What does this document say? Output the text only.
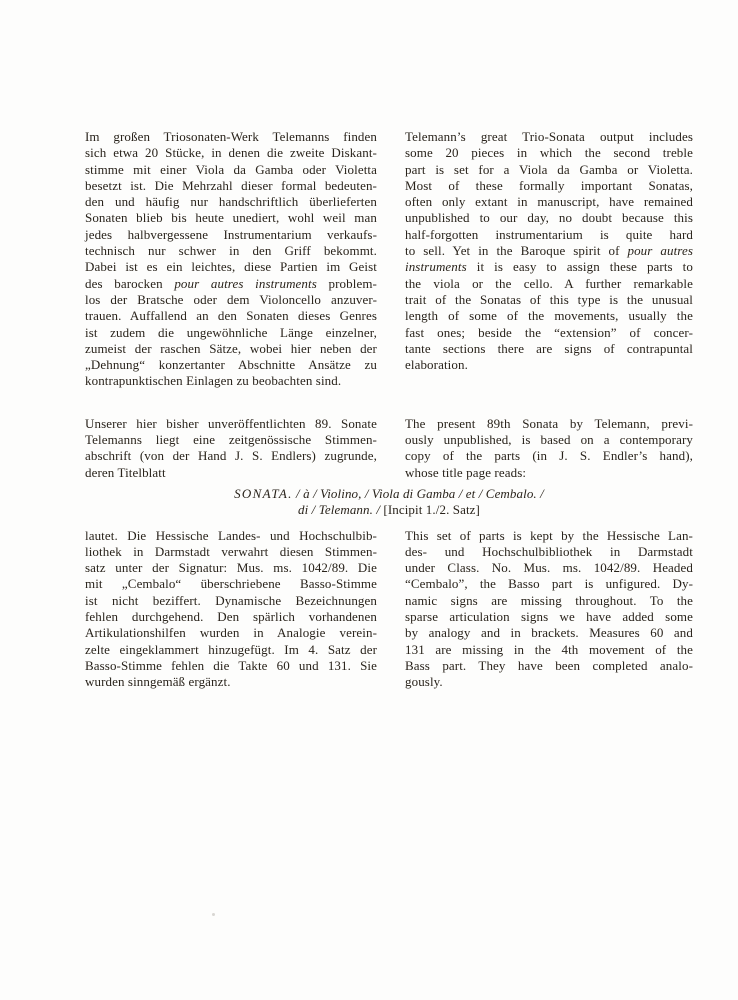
Im großen Triosonaten-Werk Telemanns finden
sich etwa 20 Stücke, in denen die zweite Diskant-
stimme mit einer Viola da Gamba oder Violetta
besetzt ist. Die Mehrzahl dieser formal bedeuten-
den und häufig nur handschriftlich überlieferten
Sonaten blieb bis heute unediert, wohl weil man
jedes halbvergessene Instrumentarium verkaufs-
technisch nur schwer in den Griff bekommt.
Dabei ist es ein leichtes, diese Partien im Geist
des barocken pour autres instruments problem-
los der Bratsche oder dem Violoncello anzuver-
trauen. Auffallend an den Sonaten dieses Genres
ist zudem die ungewöhnliche Länge einzelner,
zumeist der raschen Sätze, wobei hier neben der
„Dehnung“ konzertanter Abschnitte Ansätze zu
kontrapunktischen Einlagen zu beobachten sind.
Telemann’s great Trio-Sonata output includes
some 20 pieces in which the second treble
part is set for a Viola da Gamba or Violetta.
Most of these formally important Sonatas,
often only extant in manuscript, have remained
unpublished to our day, no doubt because this
half-forgotten instrumentarium is quite hard
to sell. Yet in the Baroque spirit of pour autres
instruments it is easy to assign these parts to
the viola or the cello. A further remarkable
trait of the Sonatas of this type is the unusual
length of some of the movements, usually the
fast ones; beside the “extension” of concer-
tante sections there are signs of contrapuntal
elaboration.
Unserer hier bisher unveröffentlichten 89. Sonate
Telemanns liegt eine zeitgenössische Stimmen-
abschrift (von der Hand J. S. Endlers) zugrunde,
deren Titelblatt
The present 89th Sonata by Telemann, previ-
ously unpublished, is based on a contemporary
copy of the parts (in J. S. Endler’s hand),
whose title page reads:
SONATA. / à / Violino, / Viola di Gamba / et / Cembalo. /
di / Telemann. / [Incipit 1./2. Satz]
lautet. Die Hessische Landes- und Hochschulbib-
liothek in Darmstadt verwahrt diesen Stimmen-
satz unter der Signatur: Mus. ms. 1042/89. Die
mit „Cembalo“ überschriebene Basso-Stimme
ist nicht beziffert. Dynamische Bezeichnungen
fehlen durchgehend. Den spärlich vorhandenen
Artikulationshilfen wurden in Analogie verein-
zelte eingeklammert hinzugefügt. Im 4. Satz der
Basso-Stimme fehlen die Takte 60 und 131. Sie
wurden sinngemäß ergänzt.
This set of parts is kept by the Hessische Lan-
des- und Hochschulbibliothek in Darmstadt
under Class. No. Mus. ms. 1042/89. Headed
“Cembalo”, the Basso part is unfigured. Dy-
namic signs are missing throughout. To the
sparse articulation signs we have added some
by analogy and in brackets. Measures 60 and
131 are missing in the 4th movement of the
Bass part. They have been completed analo-
gously.
